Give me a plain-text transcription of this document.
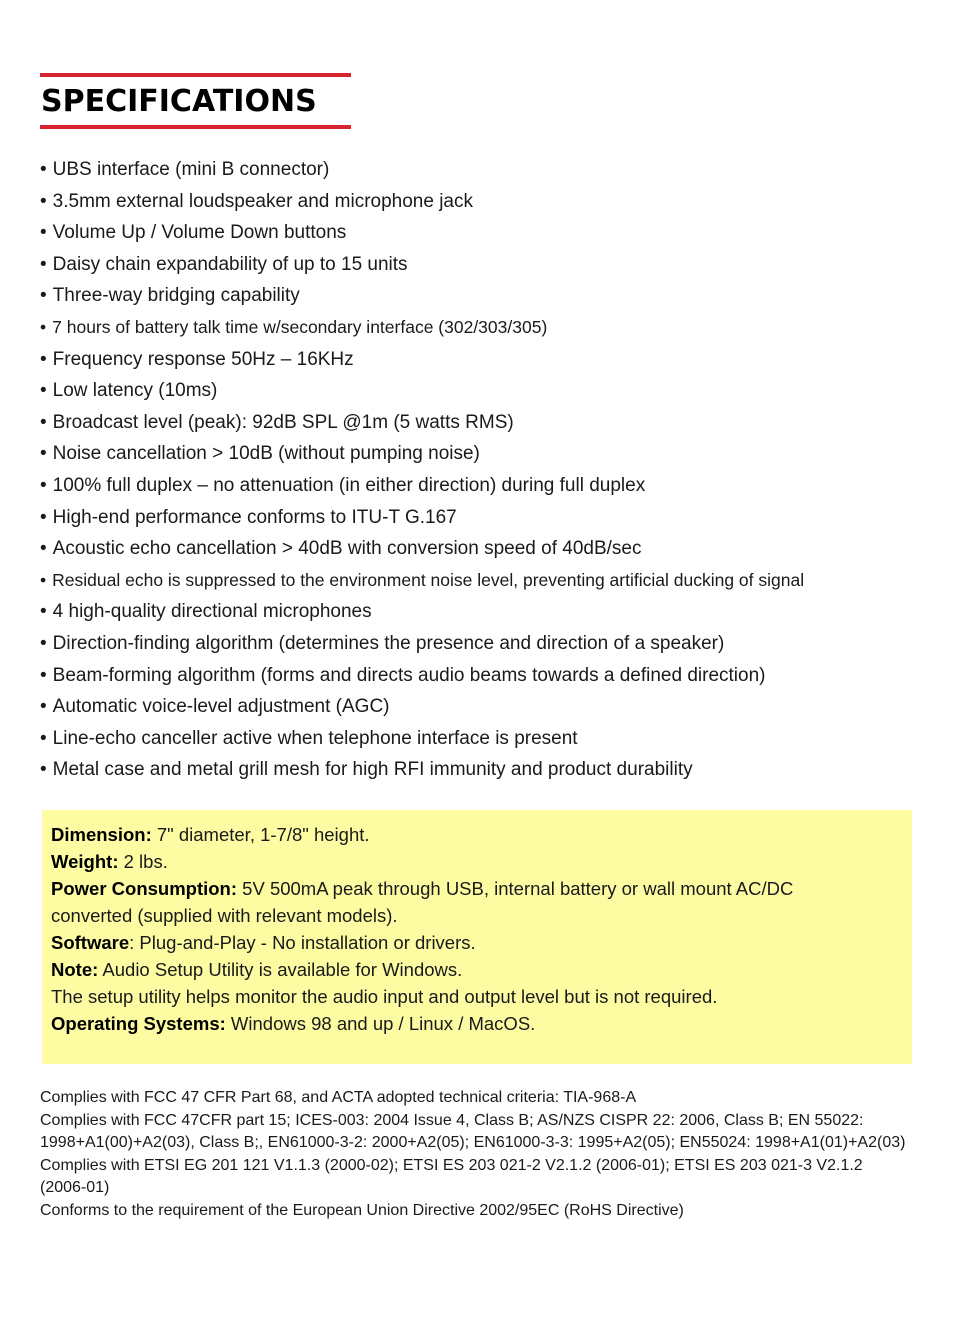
SPECIFICATIONS
• UBS interface (mini B connector)
• 3.5mm external loudspeaker and microphone jack
• Volume Up / Volume Down buttons
• Daisy chain expandability of up to 15 units
• Three-way bridging capability
• 7 hours of battery talk time w/secondary interface (302/303/305)
• Frequency response 50Hz – 16KHz
• Low latency (10ms)
• Broadcast level (peak): 92dB SPL @1m (5 watts RMS)
• Noise cancellation > 10dB (without pumping noise)
• 100% full duplex – no attenuation (in either direction) during full duplex
• High-end performance conforms to ITU-T G.167
• Acoustic echo cancellation > 40dB with conversion speed of 40dB/sec
• Residual echo is suppressed to the environment noise level, preventing artificial ducking of signal
• 4 high-quality directional microphones
• Direction-finding algorithm (determines the presence and direction of a speaker)
• Beam-forming algorithm (forms and directs audio beams towards a defined direction)
• Automatic voice-level adjustment (AGC)
• Line-echo canceller active when telephone interface is present
• Metal case and metal grill mesh for high RFI immunity and product durability
Dimension: 7" diameter, 1-7/8" height.
Weight: 2 lbs.
Power Consumption: 5V 500mA peak through USB, internal battery or wall mount AC/DC
converted (supplied with relevant models).
Software: Plug-and-Play - No installation or drivers.
Note: Audio Setup Utility is available for Windows.
The setup utility helps monitor the audio input and output level but is not required.
Operating Systems: Windows 98 and up / Linux / MacOS.

Complies with FCC 47 CFR Part 68, and ACTA adopted technical criteria: TIA-968-A

Complies with FCC 47CFR part 15; ICES-003: 2004 Issue 4, Class B; AS/NZS CISPR 22: 2006, Class B; EN 55022: 1998+A1(00)+A2(03), Class B;, EN61000-3-2: 2000+A2(05); EN61000-3-3: 1995+A2(05); EN55024: 1998+A1(01)+A2(03)

Complies with ETSI EG 201 121 V1.1.3 (2000-02); ETSI ES 203 021-2 V2.1.2 (2006-01); ETSI ES 203 021-3 V2.1.2 (2006-01)

Conforms to the requirement of the European Union Directive 2002/95EC (RoHS Directive)
